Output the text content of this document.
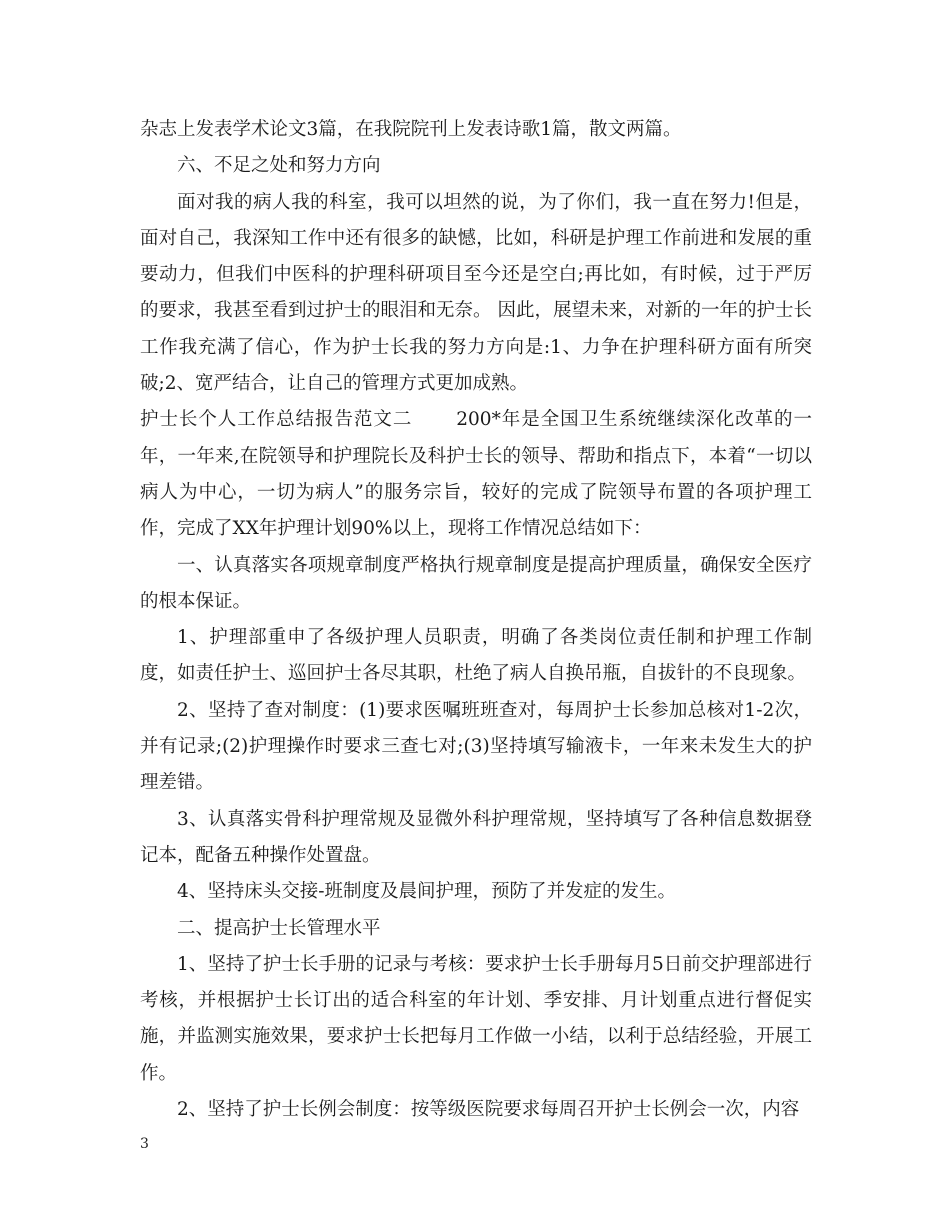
杂志上发表学术论文3篇，在我院院刊上发表诗歌1篇，散文两篇。

六、不足之处和努力方向

面对我的病人我的科室，我可以坦然的说，为了你们，我一直在努力!但是，面对自己，我深知工作中还有很多的缺憾，比如，科研是护理工作前进和发展的重要动力，但我们中医科的护理科研项目至今还是空白;再比如，有时候，过于严厉的要求，我甚至看到过护士的眼泪和无奈。 因此，展望未来，对新的一年的护士长工作我充满了信心，作为护士长我的努力方向是:1、力争在护理科研方面有所突破;2、宽严结合，让自己的管理方式更加成熟。

护士长个人工作总结报告范文二 200*年是全国卫生系统继续深化改革的一年，一年来,在院领导和护理院长及科护士长的领导、帮助和指点下，本着“一切以病人为中心，一切为病人”的服务宗旨，较好的完成了院领导布置的各项护理工作，完成了XX年护理计划90%以上，现将工作情况总结如下：

一、认真落实各项规章制度严格执行规章制度是提高护理质量，确保安全医疗的根本保证。

1、护理部重申了各级护理人员职责，明确了各类岗位责任制和护理工作制度，如责任护士、巡回护士各尽其职，杜绝了病人自换吊瓶，自拔针的不良现象。

2、坚持了查对制度：(1)要求医嘱班班查对，每周护士长参加总核对1-2次，并有记录;(2)护理操作时要求三查七对;(3)坚持填写输液卡，一年来未发生大的护理差错。

3、认真落实骨科护理常规及显微外科护理常规，坚持填写了各种信息数据登记本，配备五种操作处置盘。

4、坚持床头交接-班制度及晨间护理，预防了并发症的发生。

二、提高护士长管理水平

1、坚持了护士长手册的记录与考核：要求护士长手册每月5日前交护理部进行考核，并根据护士长订出的适合科室的年计划、季安排、月计划重点进行督促实施，并监测实施效果，要求护士长把每月工作做一小结，以利于总结经验，开展工作。

2、坚持了护士长例会制度：按等级医院要求每周召开护士长例会一次，内容

3
